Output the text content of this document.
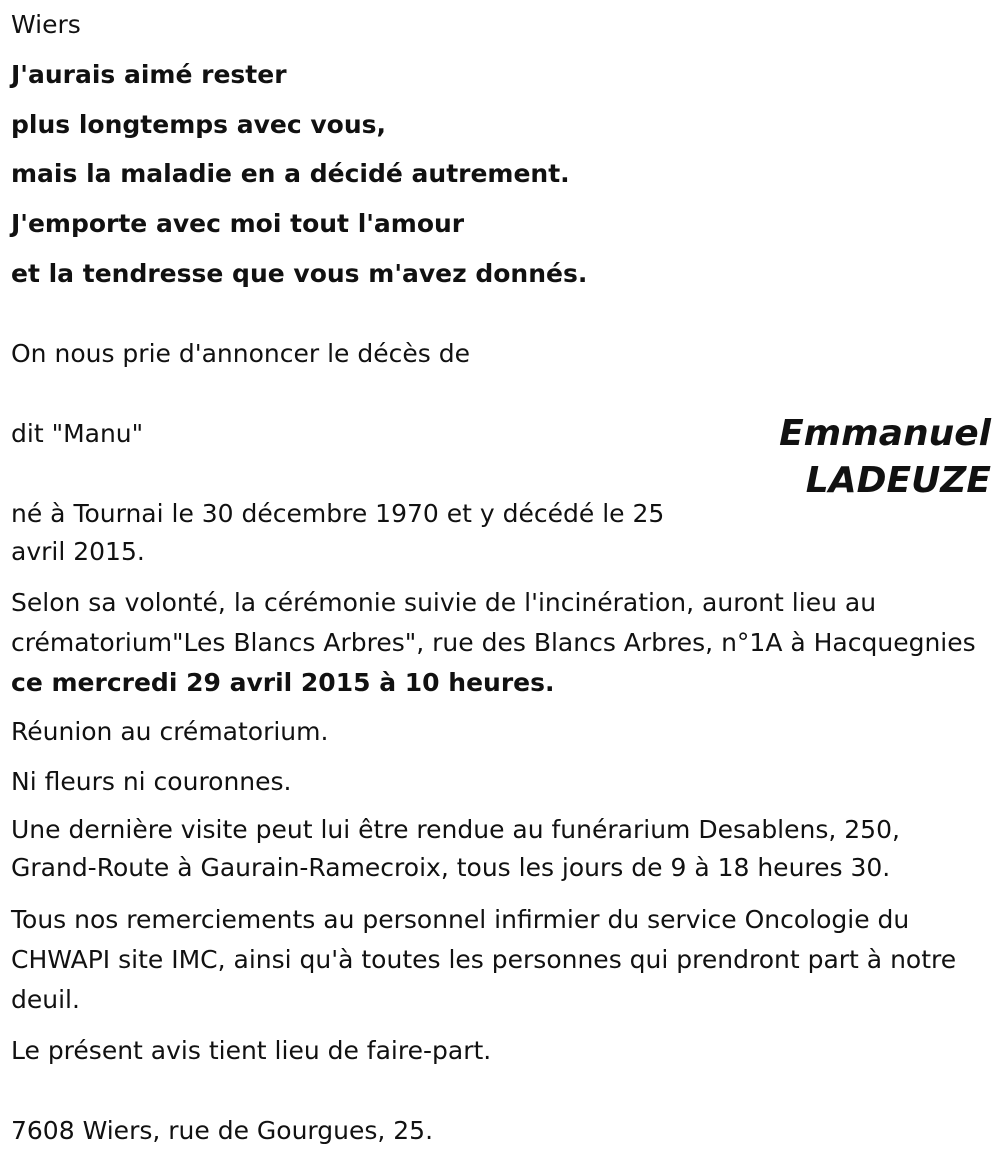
Wiers
J'aurais aimé rester
plus longtemps avec vous,
mais la maladie en a décidé autrement.
J'emporte avec moi tout l'amour
et la tendresse que vous m'avez donnés.
On nous prie d'annoncer le décès de
dit "Manu"	Emmanuel
LADEUZE
né à Tournai le 30 décembre 1970 et y décédé le 25 avril 2015.
Selon sa volonté, la cérémonie suivie de l'incinération, auront lieu au crématorium"Les Blancs Arbres", rue des Blancs Arbres, n°1A à Hacquegnies ce mercredi 29 avril 2015 à 10 heures.
Réunion au crématorium.
Ni fleurs ni couronnes.
Une dernière visite peut lui être rendue au funérarium Desablens, 250, Grand-Route à Gaurain-Ramecroix, tous les jours de 9 à 18 heures 30.
Tous nos remerciements au personnel infirmier du service Oncologie du CHWAPI site IMC, ainsi qu'à toutes les personnes qui prendront part à notre deuil.
Le présent avis tient lieu de faire-part.
7608 Wiers, rue de Gourgues, 25.
